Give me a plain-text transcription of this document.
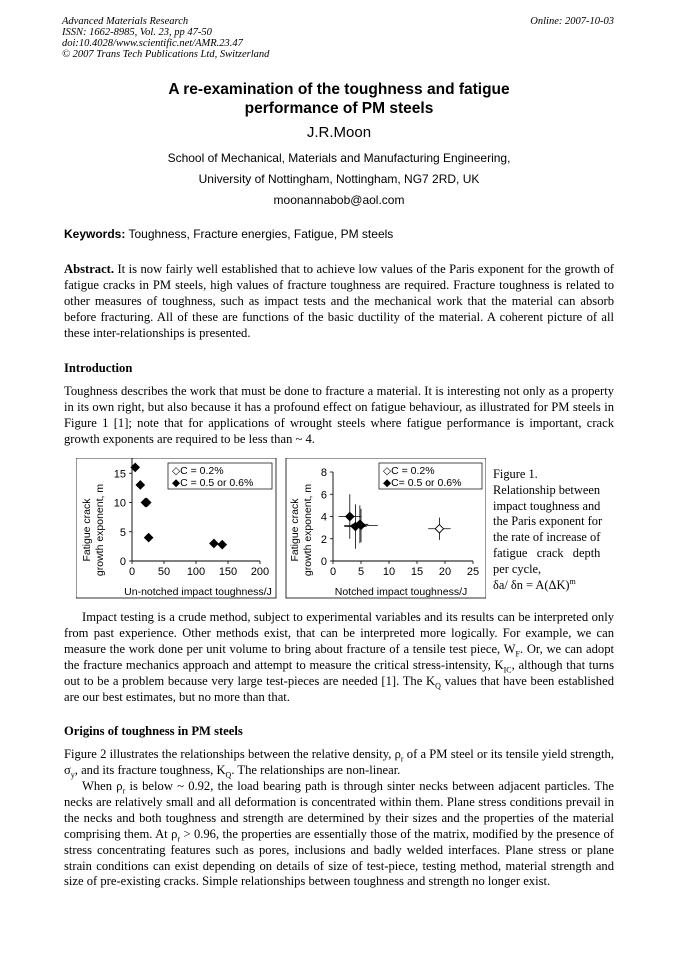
Advanced Materials Research
ISSN: 1662-8985, Vol. 23, pp 47-50
doi:10.4028/www.scientific.net/AMR.23.47
© 2007 Trans Tech Publications Ltd, Switzerland
Online: 2007-10-03
A re-examination of the toughness and fatigue
performance of PM steels
J.R.Moon
School of Mechanical, Materials and Manufacturing Engineering,
University of Nottingham, Nottingham, NG7 2RD, UK
moonannabob@aol.com
Keywords: Toughness, Fracture energies, Fatigue, PM steels
Abstract. It is now fairly well established that to achieve low values of the Paris exponent for the growth of fatigue cracks in PM steels, high values of fracture toughness are required. Fracture toughness is related to other measures of toughness, such as impact tests and the mechanical work that the material can absorb before fracturing. All of these are functions of the basic ductility of the material. A coherent picture of all these inter-relationships is presented.
Introduction
Toughness describes the work that must be done to fracture a material. It is interesting not only as a property in its own right, but also because it has a profound effect on fatigue behaviour, as illustrated for PM steels in Figure 1 [1]; note that for applications of wrought steels where fatigue performance is important, crack growth exponents are required to be less than ~ 4.
Fatigue crack growth exponent, m 0 50 100 150 200
0
5
10
15	◇C = 0.2%
◆C = 0.5 or 0.6%
Un-notched impact toughness/J
Fatigue crack growth exponent, m 0 5 10 15 20 25
0
2
4
6
8	◇C = 0.2%
◆C= 0.5 or 0.6%
Notched impact toughness/J
Figure 1.
Relationship between
impact toughness and
the Paris exponent for
the rate of increase of
fatigue   crack   depth
per cycle,
δa/ $\delta n = A(\Delta K)^m$
Impact testing is a crude method, subject to experimental variables and its results can be interpreted only from past experience. Other methods exist, that can be interpreted more logically. For example, we can measure the work done per unit volume to bring about fracture of a tensile test piece, $W_F$. Or, we can adopt the fracture mechanics approach and attempt to measure the critical stress-intensity, $K_{IC}$, although that turns out to be a problem because very large test-pieces are needed [1]. The $K_Q$ values that have been established are our best estimates, but no more than that.
Origins of toughness in PM steels
Figure 2 illustrates the relationships between the relative density, $\rho_r$ of a PM steel or its tensile yield strength, $\sigma_y$, and its fracture toughness, $K_Q$. The relationships are non-linear.
When $\rho_r$ is below ~ 0.92, the load bearing path is through sinter necks between adjacent particles. The necks are relatively small and all deformation is concentrated within them. Plane stress conditions prevail in the necks and both toughness and strength are determined by their sizes and the properties of the material comprising them. At $\rho_r > 0.96$, the properties are essentially those of the matrix, modified by the presence of stress concentrating features such as pores, inclusions and badly welded interfaces. Plane stress or plane strain conditions can exist depending on details of size of test-piece, testing method, material strength and size of pre-existing cracks. Simple relationships between toughness and strength no longer exist.
